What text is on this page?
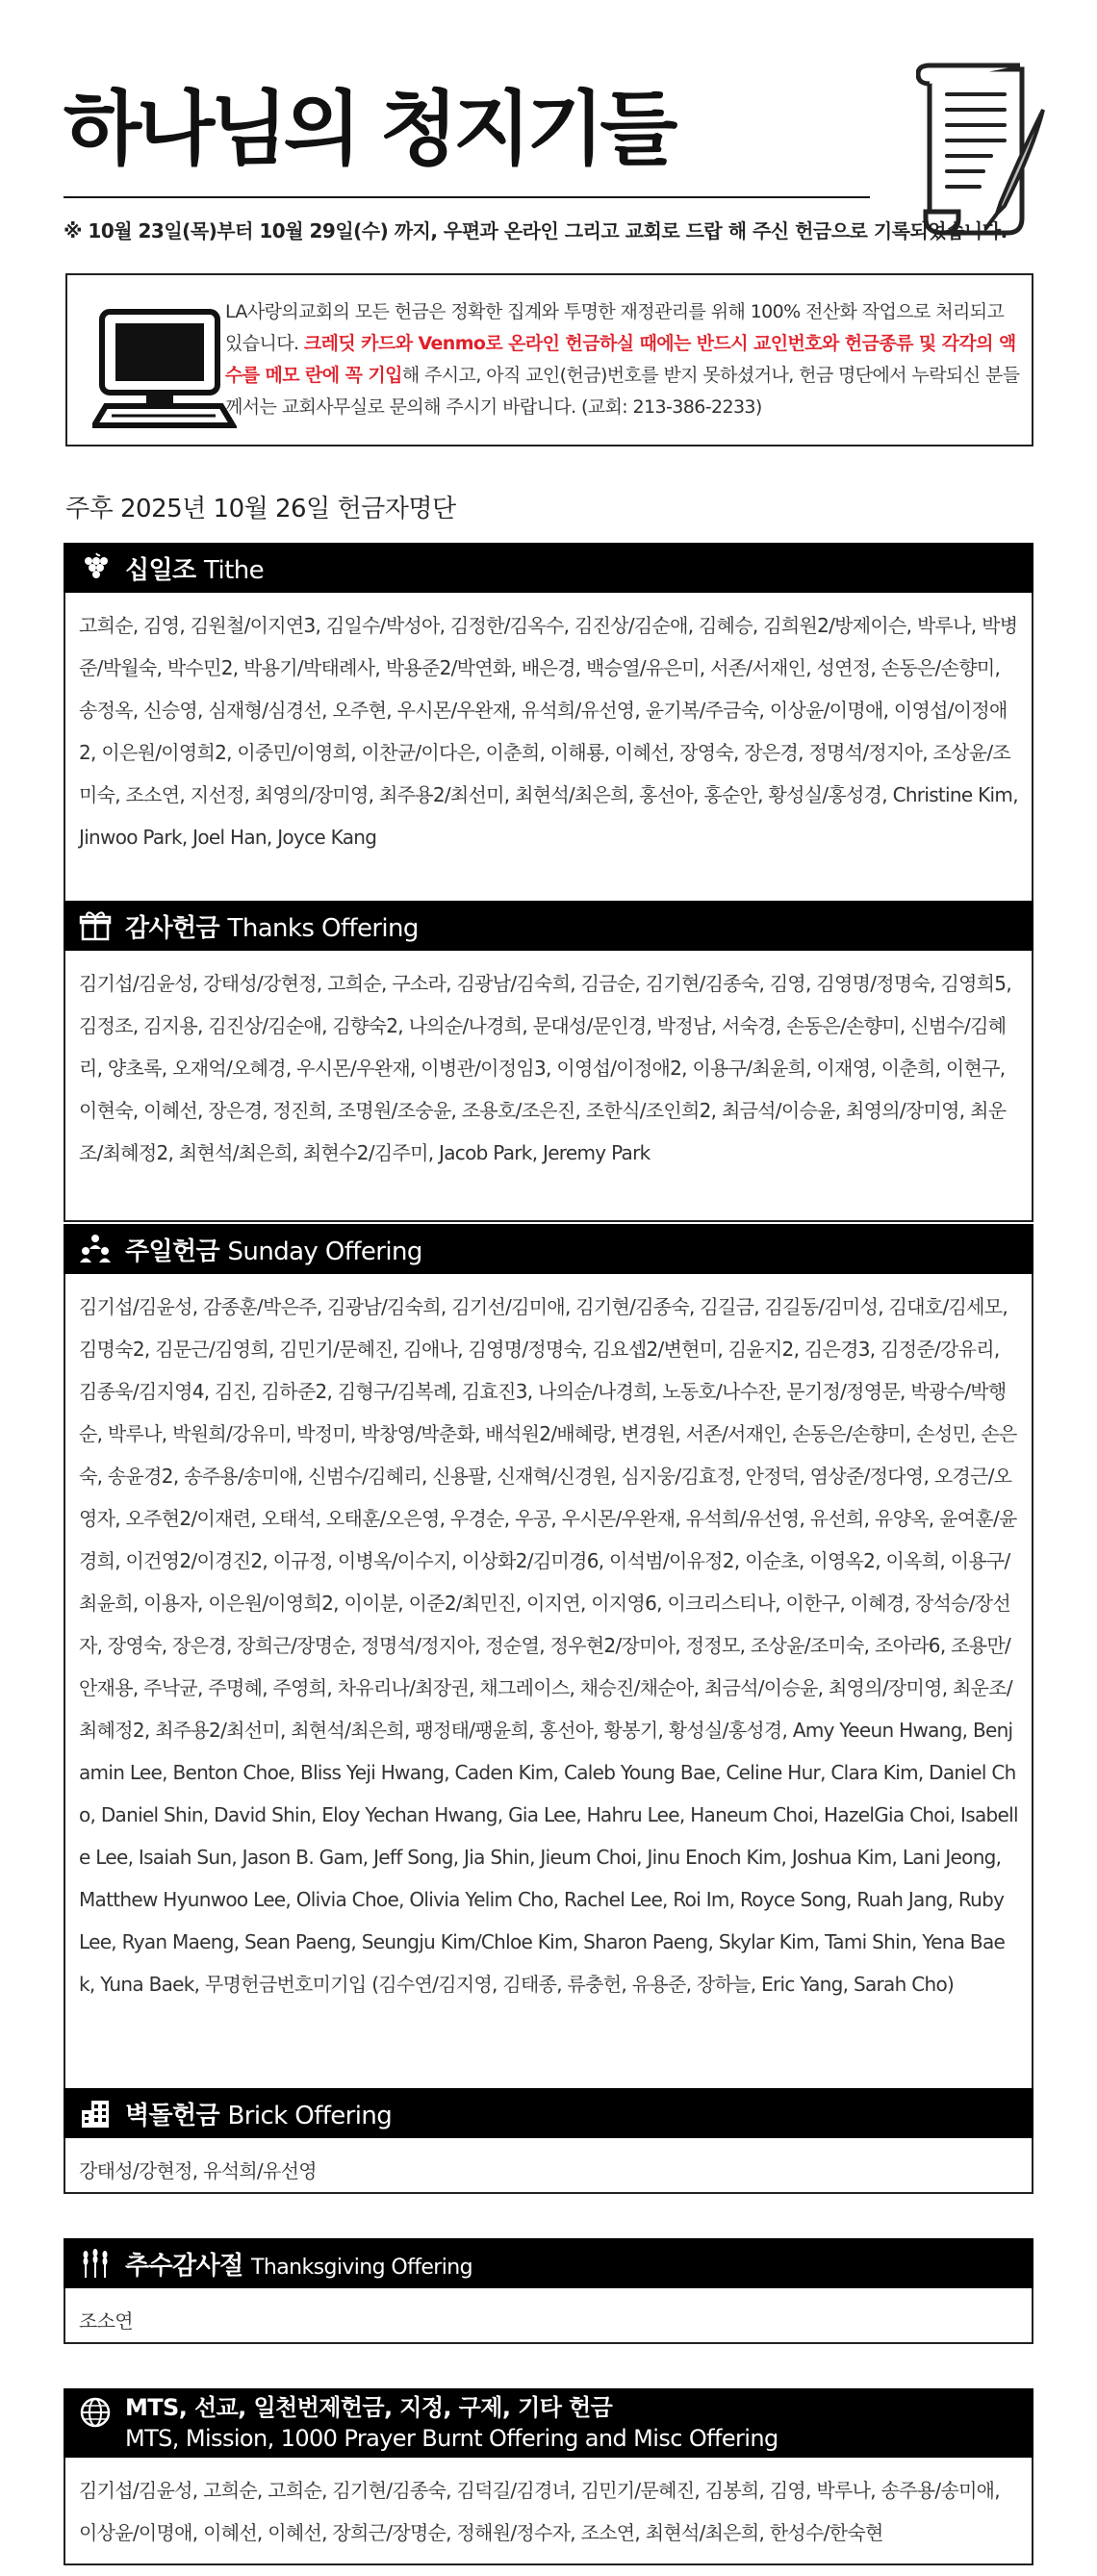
하나님의 청지기들
※ 10월 23일(목)부터 10월 29일(수) 까지, 우편과 온라인 그리고 교회로 드랍 해 주신 헌금으로 기록되었습니다.
LA사랑의교회의 모든 헌금은 정확한 집계와 투명한 재정관리를 위해 100% 전산화 작업으로 처리되고 있습니다. 크레딧 카드와 Venmo로 온라인 헌금하실 때에는 반드시 교인번호와 헌금종류 및 각각의 액수를 메모 란에 꼭 기입해 주시고, 아직 교인(헌금)번호를 받지 못하셨거나, 헌금 명단에서 누락되신 분들께서는 교회사무실로 문의해 주시기 바랍니다. (교회: 213-386-2233)
주후 2025년 10월 26일 헌금자명단
십일조 Tithe
고희순, 김영, 김원철/이지연3, 김일수/박성아, 김정한/김옥수, 김진상/김순애, 김혜승, 김희원2/방제이슨, 박루나, 박병준/박월숙, 박수민2, 박용기/박태례사, 박용준2/박연화, 배은경, 백승열/유은미, 서존/서재인, 성연정, 손동은/손향미, 송정옥, 신승영, 심재형/심경선, 오주현, 우시몬/우완재, 유석희/유선영, 윤기복/주금숙, 이상윤/이명애, 이영섭/이정애2, 이은원/이영희2, 이중민/이영희, 이찬균/이다은, 이춘희, 이해룡, 이혜선, 장영숙, 장은경, 정명석/정지아, 조상윤/조미숙, 조소연, 지선정, 최영의/장미영, 최주용2/최선미, 최현석/최은희, 홍선아, 홍순안, 황성실/홍성경, Christine Kim, Jinwoo Park, Joel Han, Joyce Kang
감사헌금 Thanks Offering
김기섭/김윤성, 강태성/강현정, 고희순, 구소라, 김광남/김숙희, 김금순, 김기현/김종숙, 김영, 김영명/정명숙, 김영희5, 김정조, 김지용, 김진상/김순애, 김향숙2, 나의순/나경희, 문대성/문인경, 박정남, 서숙경, 손동은/손향미, 신범수/김혜리, 양초록, 오재억/오혜경, 우시몬/우완재, 이병관/이정임3, 이영섭/이정애2, 이용구/최윤희, 이재영, 이춘희, 이현구, 이현숙, 이혜선, 장은경, 정진희, 조명원/조숭윤, 조용호/조은진, 조한식/조인희2, 최금석/이승윤, 최영의/장미영, 최운조/최혜정2, 최현석/최은희, 최현수2/김주미, Jacob Park, Jeremy Park
주일헌금 Sunday Offering
김기섭/김윤성, 감종훈/박은주, 김광남/김숙희, 김기선/김미애, 김기현/김종숙, 김길금, 김길동/김미성, 김대호/김세모, 김명숙2, 김문근/김영희, 김민기/문혜진, 김애나, 김영명/정명숙, 김요셉2/변현미, 김윤지2, 김은경3, 김정준/강유리, 김종욱/김지영4, 김진, 김하준2, 김형구/김복례, 김효진3, 나의순/나경희, 노동호/나수잔, 문기정/정영문, 박광수/박행순, 박루나, 박원희/강유미, 박정미, 박창영/박춘화, 배석원2/배혜랑, 변경원, 서존/서재인, 손동은/손향미, 손성민, 손은숙, 송윤경2, 송주용/송미애, 신범수/김혜리, 신용팔, 신재혁/신경원, 심지웅/김효정, 안정덕, 염상준/정다영, 오경근/오영자, 오주현2/이재련, 오태석, 오태훈/오은영, 우경순, 우공, 우시몬/우완재, 유석희/유선영, 유선희, 유양옥, 윤여훈/윤경희, 이건영2/이경진2, 이규정, 이병옥/이수지, 이상화2/김미경6, 이석범/이유정2, 이순초, 이영옥2, 이옥희, 이용구/최윤희, 이용자, 이은원/이영희2, 이이분, 이준2/최민진, 이지연, 이지영6, 이크리스티나, 이한구, 이혜경, 장석승/장선자, 장영숙, 장은경, 장희근/장명순, 정명석/정지아, 정순열, 정우현2/장미아, 정정모, 조상윤/조미숙, 조아라6, 조용만/안재용, 주낙균, 주명혜, 주영희, 차유리나/최장권, 채그레이스, 채승진/채순아, 최금석/이승윤, 최영의/장미영, 최운조/최혜정2, 최주용2/최선미, 최현석/최은희, 팽정태/팽윤희, 홍선아, 황봉기, 황성실/홍성경, Amy Yeeun Hwang, Benjamin Lee, Benton Choe, Bliss Yeji Hwang, Caden Kim, Caleb Young Bae, Celine Hur, Clara Kim, Daniel Cho, Daniel Shin, David Shin, Eloy Yechan Hwang, Gia Lee, Hahru Lee, Haneum Choi, HazelGia Choi, Isabelle Lee, Isaiah Sun, Jason B. Gam, Jeff Song, Jia Shin, Jieum Choi, Jinu Enoch Kim, Joshua Kim, Lani Jeong, Matthew Hyunwoo Lee, Olivia Choe, Olivia Yelim Cho, Rachel Lee, Roi Im, Royce Song, Ruah Jang, Ruby Lee, Ryan Maeng, Sean Paeng, Seungju Kim/Chloe Kim, Sharon Paeng, Skylar Kim, Tami Shin, Yena Baek, Yuna Baek, 무명헌금번호미기입 (김수연/김지영, 김태종, 류충헌, 유용준, 장하늘, Eric Yang, Sarah Cho)
벽돌헌금 Brick Offering
강태성/강현정, 유석희/유선영
추수감사절 Thanksgiving Offering
조소연
MTS, 선교, 일천번제헌금, 지정, 구제, 기타 헌금
MTS, Mission, 1000 Prayer Burnt Offering and Misc Offering
김기섭/김윤성, 고희순, 고희순, 김기현/김종숙, 김덕길/김경녀, 김민기/문혜진, 김봉희, 김영, 박루나, 송주용/송미애, 이상윤/이명애, 이혜선, 이혜선, 장희근/장명순, 정해원/정수자, 조소연, 최현석/최은희, 한성수/한숙현
